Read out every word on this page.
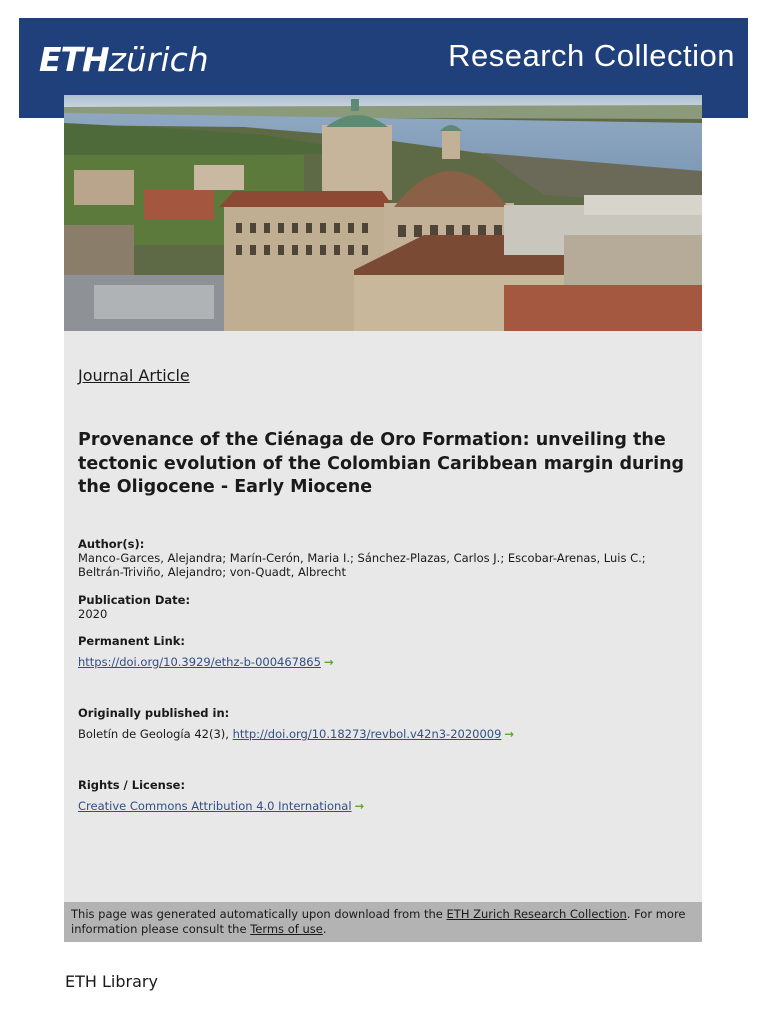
ETHzürich	Research Collection
Journal Article
Provenance of the Ciénaga de Oro Formation: unveiling the tectonic evolution of the Colombian Caribbean margin during the Oligocene - Early Miocene
Author(s):
Manco-Garces, Alejandra; Marín-Cerón, Maria I.; Sánchez-Plazas, Carlos J.; Escobar-Arenas, Luis C.; Beltrán-Triviño, Alejandro; von-Quadt, Albrecht
Publication Date:
2020
Permanent Link:
https://doi.org/10.3929/ethz-b-000467865 →
Originally published in:
Boletín de Geología 42(3), http://doi.org/10.18273/revbol.v42n3-2020009 →
Rights / License:
Creative Commons Attribution 4.0 International →
This page was generated automatically upon download from the ETH Zurich Research Collection. For more information please consult the Terms of use.
ETH Library
